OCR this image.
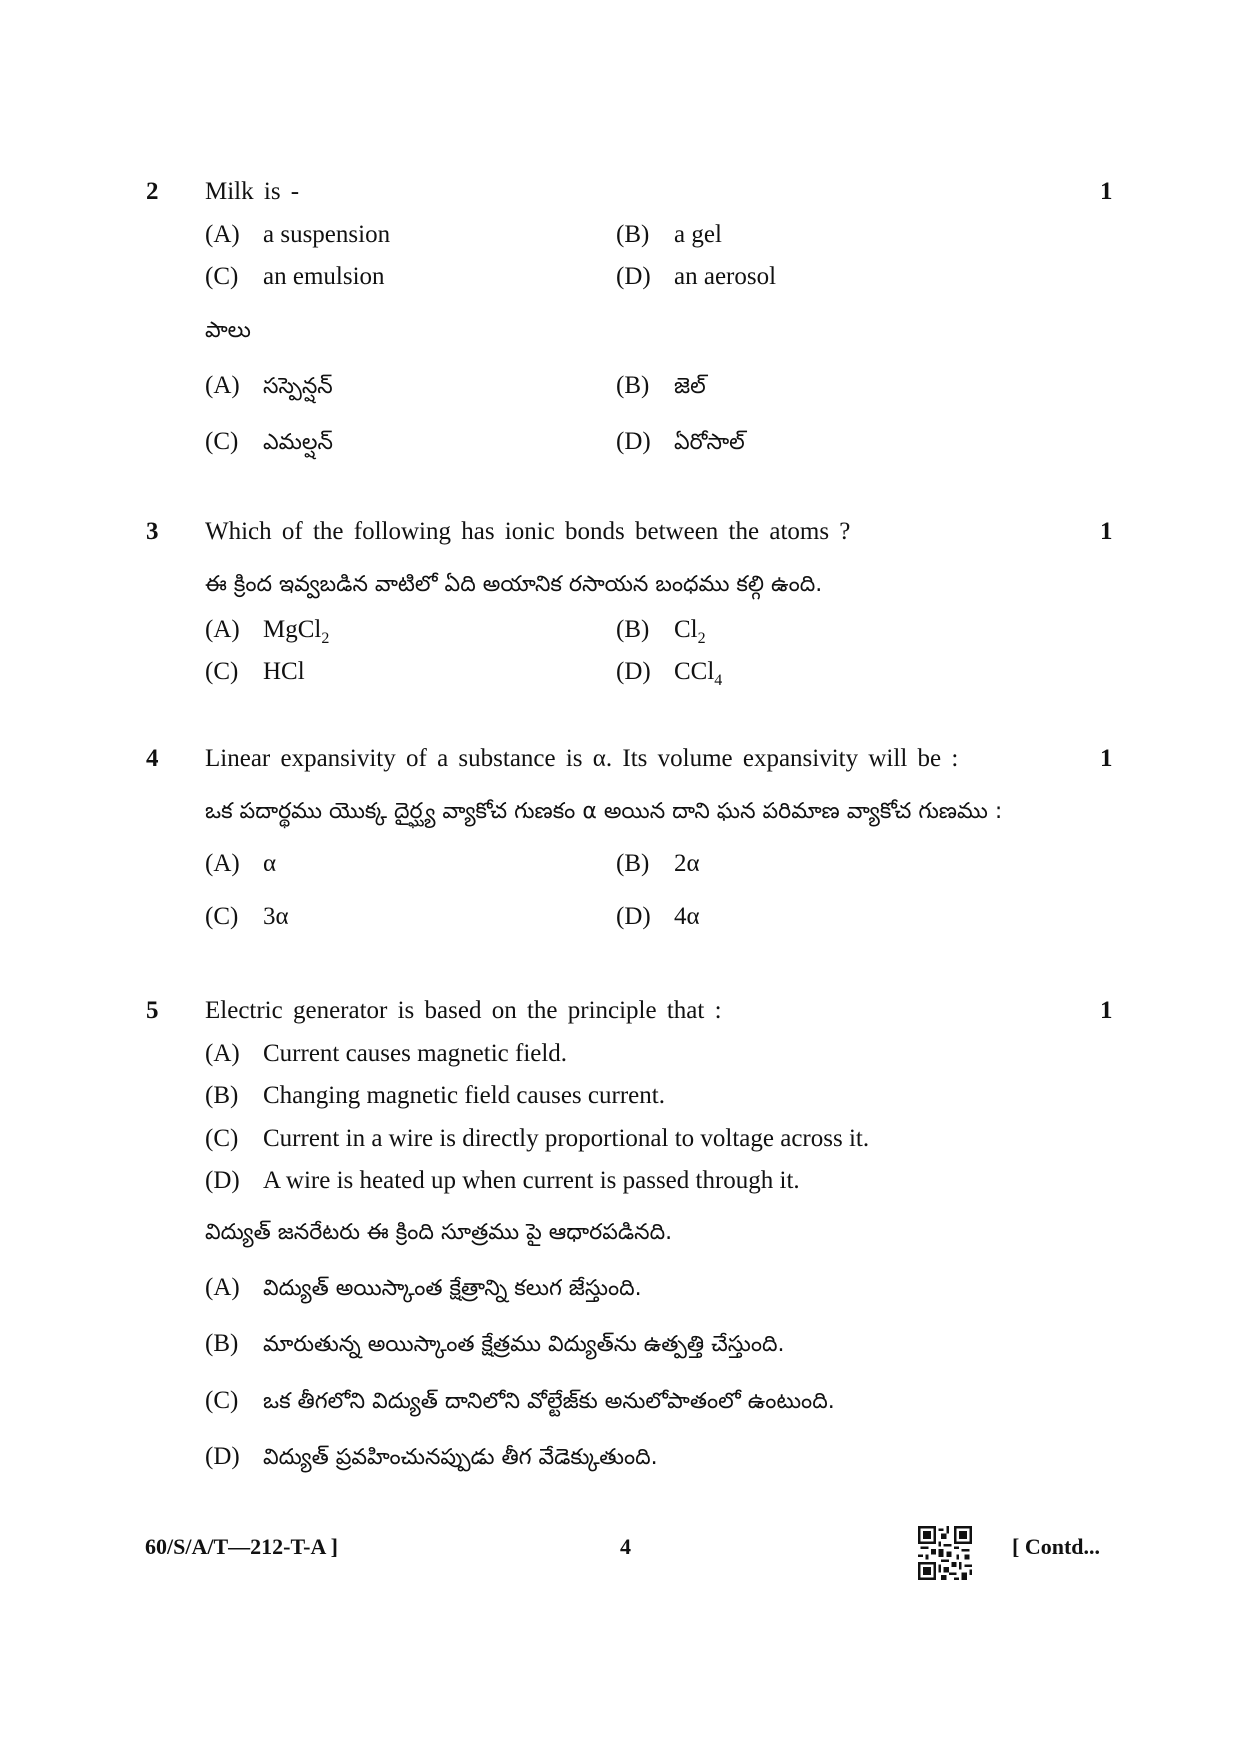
2 Milk is -	1
(A) a suspension	(B) a gel
(C) an emulsion	(D) an aerosol
పాలు
(A) సస్పెన్షన్	(B) జెల్
(C) ఎమల్షన్	(D) ఏరోసాల్
3 Which of the following has ionic bonds between the atoms ?	1
ఈ క్రింద ఇవ్వబడిన వాటిలో ఏది అయానిక రసాయన బంధము కల్గి ఉంది.
(A) MgCl$_2$	(B) $Cl_2$
(C) HCl	(D) CCl$_4$
4 Linear expansivity of a substance is α. Its volume expansivity will be :	1
ఒక పదార్థము యొక్క దైర్ఘ్య వ్యాకోచ గుణకం α అయిన దాని ఘన పరిమాణ వ్యాకోచ గుణము :
(A) α	(B) 2α
(C) 3α	(D) 4α
5 Electric generator is based on the principle that :	1
(A) Current causes magnetic field.
(B) Changing magnetic field causes current.
(C) Current in a wire is directly proportional to voltage across it.
(D) A wire is heated up when current is passed through it.
విద్యుత్ జనరేటరు ఈ క్రింది సూత్రము పై ఆధారపడినది.
(A) విద్యుత్ అయిస్కాంత క్షేత్రాన్ని కలుగ జేస్తుంది.
(B) మారుతున్న అయిస్కాంత క్షేత్రము విద్యుత్‌ను ఉత్పత్తి చేస్తుంది.
(C) ఒక తీగలోని విద్యుత్ దానిలోని వోల్టేజ్‌కు అనులోపాతంలో ఉంటుంది.
(D) విద్యుత్ ప్రవహించునప్పుడు తీగ వేడెక్కుతుంది.
60/S/A/T—212-T-A ]	4	[ Contd...
